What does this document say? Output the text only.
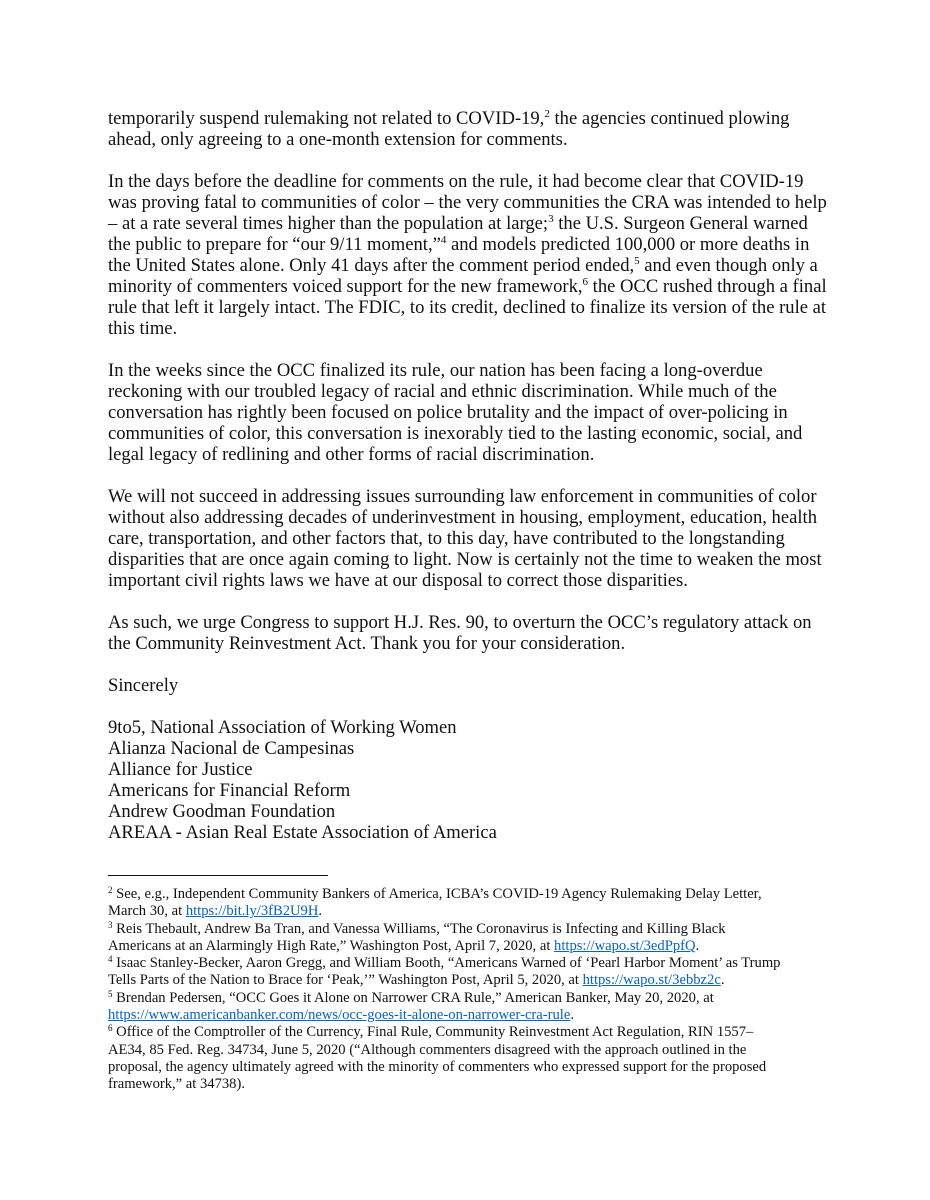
temporarily suspend rulemaking not related to COVID-19,$^2$ the agencies continued plowing
ahead, only agreeing to a one-month extension for comments.

In the days before the deadline for comments on the rule, it had become clear that COVID-19
was proving fatal to communities of color – the very communities the CRA was intended to help
– at a rate several times higher than the population at large;$^3$ the U.S. Surgeon General warned
the public to prepare for “our 9/11 moment,”$^4$ and models predicted 100,000 or more deaths in
the United States alone. Only 41 days after the comment period ended,$^5$ and even though only a
minority of commenters voiced support for the new framework,$^6$ the OCC rushed through a final
rule that left it largely intact. The FDIC, to its credit, declined to finalize its version of the rule at
this time.

In the weeks since the OCC finalized its rule, our nation has been facing a long-overdue
reckoning with our troubled legacy of racial and ethnic discrimination. While much of the
conversation has rightly been focused on police brutality and the impact of over-policing in
communities of color, this conversation is inexorably tied to the lasting economic, social, and
legal legacy of redlining and other forms of racial discrimination.

We will not succeed in addressing issues surrounding law enforcement in communities of color
without also addressing decades of underinvestment in housing, employment, education, health
care, transportation, and other factors that, to this day, have contributed to the longstanding
disparities that are once again coming to light. Now is certainly not the time to weaken the most
important civil rights laws we have at our disposal to correct those disparities.

As such, we urge Congress to support H.J. Res. 90, to overturn the OCC’s regulatory attack on
the Community Reinvestment Act. Thank you for your consideration.

Sincerely

9to5, National Association of Working Women
Alianza Nacional de Campesinas
Alliance for Justice
Americans for Financial Reform
Andrew Goodman Foundation
AREAA - Asian Real Estate Association of America
$^2$ See, e.g., Independent Community Bankers of America, ICBA’s COVID-19 Agency Rulemaking Delay Letter,
March 30, at https://bit.ly/3fB2U9H.
$^3$ Reis Thebault, Andrew Ba Tran, and Vanessa Williams, “The Coronavirus is Infecting and Killing Black
Americans at an Alarmingly High Rate,” Washington Post, April 7, 2020, at https://wapo.st/3edPpfQ.
$^4$ Isaac Stanley-Becker, Aaron Gregg, and William Booth, “Americans Warned of ‘Pearl Harbor Moment’ as Trump
Tells Parts of the Nation to Brace for ‘Peak,’” Washington Post, April 5, 2020, at https://wapo.st/3ebbz2c.
$^5$ Brendan Pedersen, “OCC Goes it Alone on Narrower CRA Rule,” American Banker, May 20, 2020, at
https://www.americanbanker.com/news/occ-goes-it-alone-on-narrower-cra-rule.
$^6$ Office of the Comptroller of the Currency, Final Rule, Community Reinvestment Act Regulation, RIN 1557–
AE34, 85 Fed. Reg. 34734, June 5, 2020 (“Although commenters disagreed with the approach outlined in the
proposal, the agency ultimately agreed with the minority of commenters who expressed support for the proposed
framework,” at 34738).
